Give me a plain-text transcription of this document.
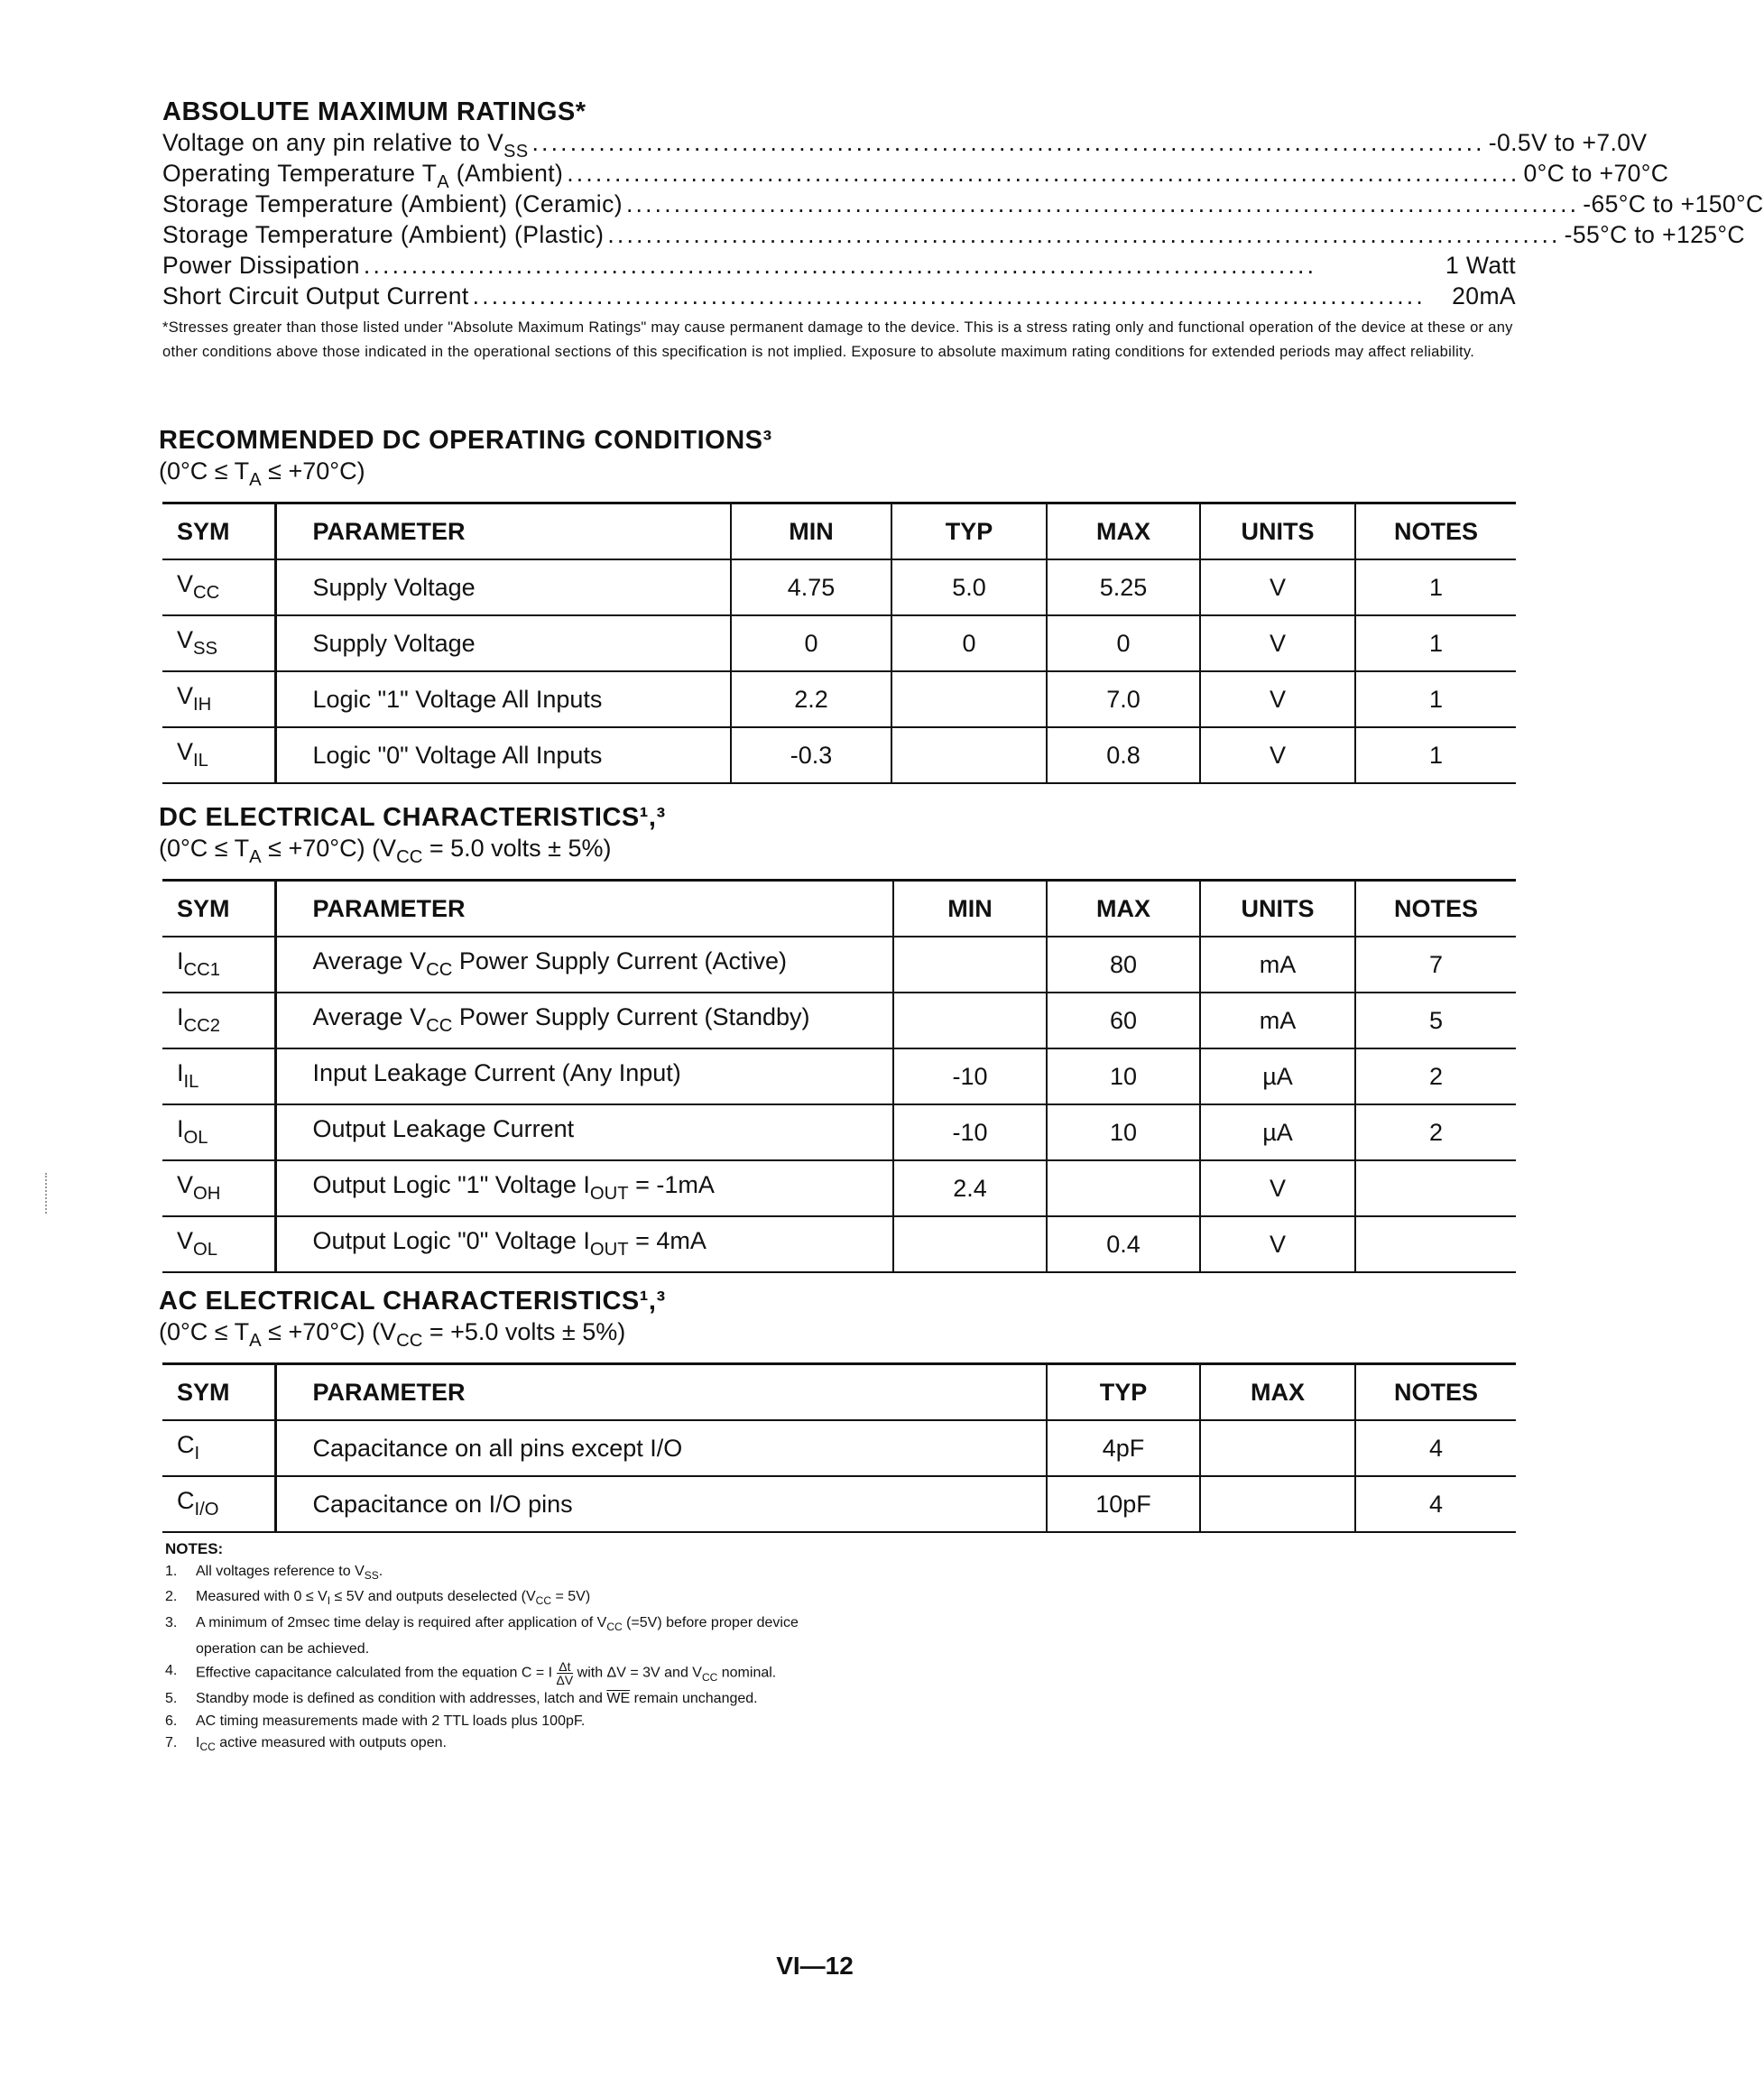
ABSOLUTE MAXIMUM RATINGS*
Voltage on any pin relative to $V_{SS}$ .................................................................................................... -0.5V to +7.0V
Operating Temperature $T_A$ (Ambient) .................................................................................................... 0°C to +70°C
Storage Temperature (Ambient) (Ceramic) .................................................................................................... -65°C to +150°C
Storage Temperature (Ambient) (Plastic) .................................................................................................... -55°C to +125°C
Power Dissipation ....................................................................................................	1 Watt
Short Circuit Output Current ....................................................................................................	20mA
*Stresses greater than those listed under "Absolute Maximum Ratings" may cause permanent damage to the device. This is a stress rating only and functional operation of the device at these or any other conditions above those indicated in the operational sections of this specification is not implied. Exposure to absolute maximum rating conditions for extended periods may affect reliability.
RECOMMENDED DC OPERATING CONDITIONS³
$(0^\circ C \le T_A \le +70^\circ C)$
SYM	PARAMETER	MIN	TYP	MAX	UNITS	NOTES
$V_{CC}$	Supply Voltage	4.75	5.0	5.25	V	1
$V_{SS}$	Supply Voltage	0	0	0	V	1
$V_{IH}$	Logic "1" Voltage All Inputs	2.2		7.0	V	1
$V_{IL}$	Logic "0" Voltage All Inputs	-0.3		0.8	V	1
DC ELECTRICAL CHARACTERISTICS¹,³
$(0^\circ C \le T_A \le +70^\circ C)$ ($V_{CC} = 5.0$ volts ± 5%)
SYM	PARAMETER	MIN	MAX	UNITS	NOTES
$I_{CC1}$	Average $V_{CC}$ Power Supply Current (Active)		80	mA	7
$I_{CC2}$	Average $V_{CC}$ Power Supply Current (Standby)		60	mA	5
$I_{IL}$	Input Leakage Current (Any Input)	-10	10	µA	2
$I_{OL}$	Output Leakage Current	-10	10	µA	2
$V_{OH}$	Output Logic "1" Voltage $I_{OUT} = -1mA$	2.4		V	
$V_{OL}$	Output Logic "0" Voltage $I_{OUT} = 4mA$		0.4	V	
AC ELECTRICAL CHARACTERISTICS¹,³
$(0^\circ C \le T_A \le +70^\circ C)$ ($V_{CC} = +5.0$ volts ± 5%)
SYM	PARAMETER	TYP	MAX	NOTES
$C_I$	Capacitance on all pins except I/O	4pF		4
$C_{I/O}$	Capacitance on I/O pins	10pF		4
NOTES:
1.	All voltages reference to $V_{SS}$.
2.	Measured with $0 \le V_I \le 5V$ and outputs deselected $(V_{CC} = 5V)$
3.	A minimum of 2msec time delay is required after application of $V_{CC}$ (=5V) before proper device operation can be achieved.
4.	Effective capacitance calculated from the equation C = I $\frac{\Delta t}{\Delta V}$ with ΔV = 3V and $V_{CC}$ nominal.
5.	Standby mode is defined as condition with addresses, latch and $\overline{WE}$ remain unchanged.
6.	AC timing measurements made with 2 TTL loads plus 100pF.
7.	$I_{CC}$ active measured with outputs open.
VI—12
